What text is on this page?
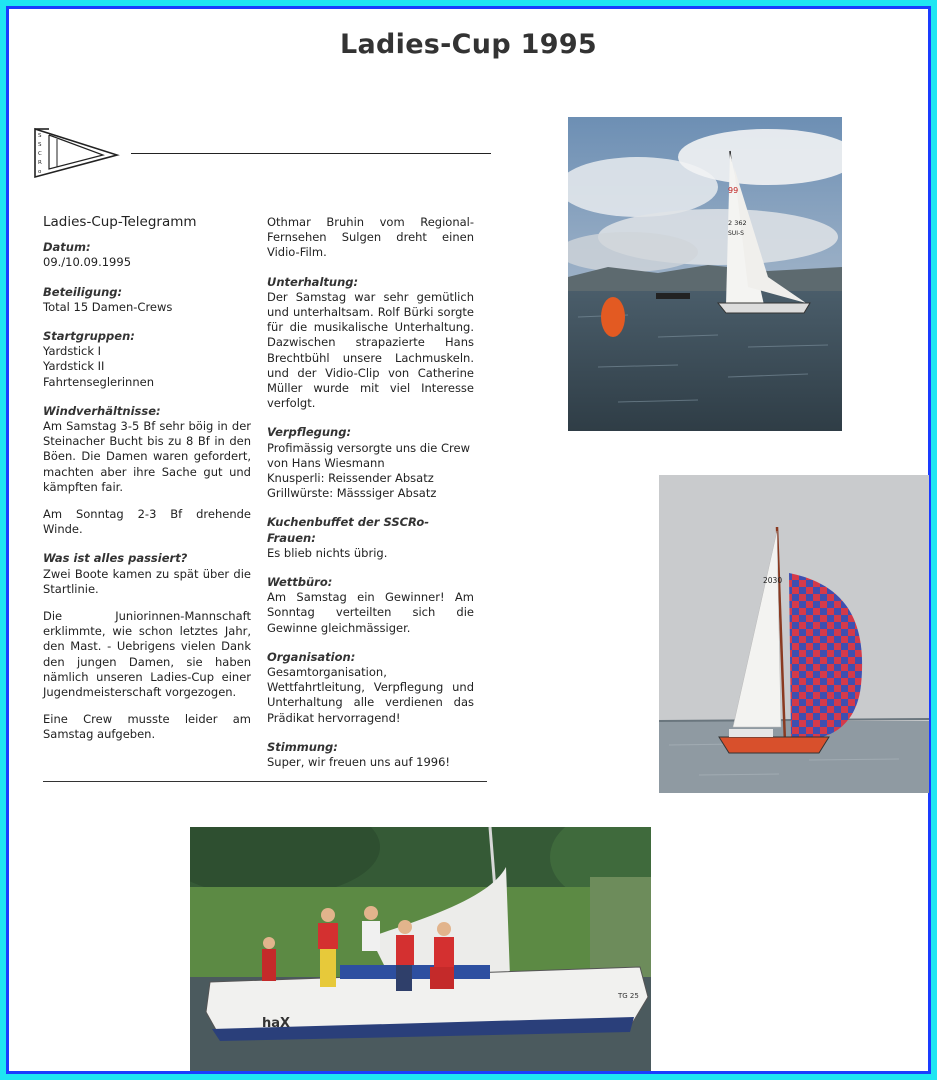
Ladies-Cup 1995
S
S
C
R
o
Ladies-Cup-Telegramm
Datum:
09./10.09.1995
Beteiligung:
Total 15 Damen-Crews
Startgruppen:
Yardstick I
Yardstick II
Fahrtenseglerinnen
Windverhältnisse:
Am Samstag 3-5 Bf sehr böig in der Steinacher Bucht bis zu 8 Bf in den Böen. Die Damen waren gefordert, machten aber ihre Sache gut und kämpften fair.
Am Sonntag 2-3 Bf drehende Winde.
Was ist alles passiert?
Zwei Boote kamen zu spät über die Startlinie.
Die Juniorinnen-Mannschaft erklimmte, wie schon letztes Jahr, den Mast. - Uebrigens vielen Dank den jungen Damen, sie haben nämlich unseren Ladies-Cup einer Jugendmeisterschaft vorgezogen.
Eine Crew musste leider am Samstag aufgeben.
Othmar Bruhin vom Regional-Fernsehen Sulgen dreht einen Vidio-Film.
Unterhaltung:
Der Samstag war sehr gemütlich und unterhaltsam. Rolf Bürki sorgte für die musikalische Unterhaltung. Dazwischen strapazierte Hans Brechtbühl unsere Lachmuskeln. und der Vidio-Clip von Catherine Müller wurde mit viel Interesse verfolgt.
Verpflegung:
Profimässig versorgte uns die Crew von Hans Wiesmann
Knusperli: Reissender Absatz
Grillwürste: Mässsiger Absatz
Kuchenbuffet der SSCRo-Frauen:
Es blieb nichts übrig.
Wettbüro:
Am Samstag ein Gewinner! Am Sonntag verteilten sich die Gewinne gleichmässiger.
Organisation:
Gesamtorganisation, Wettfahrtleitung, Verpflegung und Unterhaltung alle verdienen das Prädikat hervorragend!
Stimmung:
Super, wir freuen uns auf 1996!
99
2 362
SUI-S
2030
haX
TG 25
